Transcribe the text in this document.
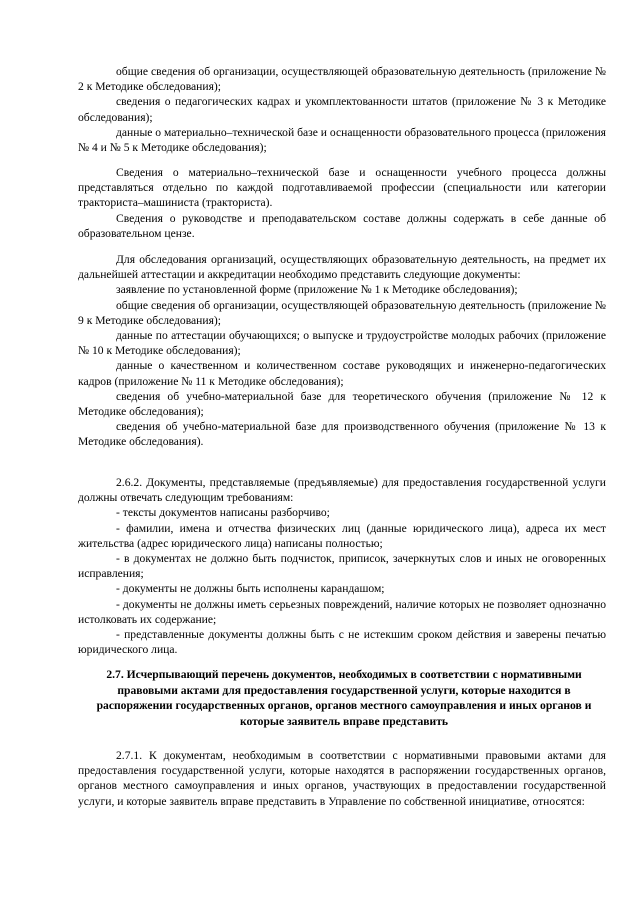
общие сведения об организации, осуществляющей образовательную деятельность (приложение № 2 к Методике обследования);

сведения о педагогических кадрах и укомплектованности штатов (приложение № 3 к Методике обследования);

данные о материально–технической базе и оснащенности образовательного процесса (приложения № 4 и № 5 к Методике обследования);

Сведения о материально–технической базе и оснащенности учебного процесса должны представляться отдельно по каждой подготавливаемой профессии (специальности или категории тракториста–машиниста (тракториста).

Сведения о руководстве и преподавательском составе должны содержать в себе данные об образовательном цензе.

Для обследования организаций, осуществляющих образовательную деятельность, на предмет их дальнейшей аттестации и аккредитации необходимо представить следующие документы:

заявление по установленной форме (приложение № 1 к Методике обследования);

общие сведения об организации, осуществляющей образовательную деятельность (приложение № 9 к Методике обследования);

данные по аттестации обучающихся; о выпуске и трудоустройстве молодых рабочих (приложение № 10 к Методике обследования);

данные о качественном и количественном составе руководящих и инженерно-педагогических кадров (приложение № 11 к Методике обследования);

сведения об учебно-материальной базе для теоретического обучения (приложение № 12 к Методике обследования);

сведения об учебно-материальной базе для производственного обучения (приложение № 13 к Методике обследования).

2.6.2. Документы, представляемые (предъявляемые) для предоставления государственной услуги должны отвечать следующим требованиям:

- тексты документов написаны разборчиво;

- фамилии, имена и отчества физических лиц (данные юридического лица), адреса их мест жительства (адрес юридического лица) написаны полностью;

- в документах не должно быть подчисток, приписок, зачеркнутых слов и иных не оговоренных исправления;

- документы не должны быть исполнены карандашом;

- документы не должны иметь серьезных повреждений, наличие которых не позволяет однозначно истолковать их содержание;

- представленные документы должны быть с не истекшим сроком действия и заверены печатью юридического лица.

2.7. Исчерпывающий перечень документов, необходимых в соответствии с нормативными правовыми актами для предоставления государственной услуги, которые находится в распоряжении государственных органов, органов местного самоуправления и иных органов и которые заявитель вправе представить

2.7.1. К документам, необходимым в соответствии с нормативными правовыми актами для предоставления государственной услуги, которые находятся в распоряжении государственных органов, органов местного самоуправления и иных органов, участвующих в предоставлении государственной услуги, и которые заявитель вправе представить в Управление по собственной инициативе, относятся:
